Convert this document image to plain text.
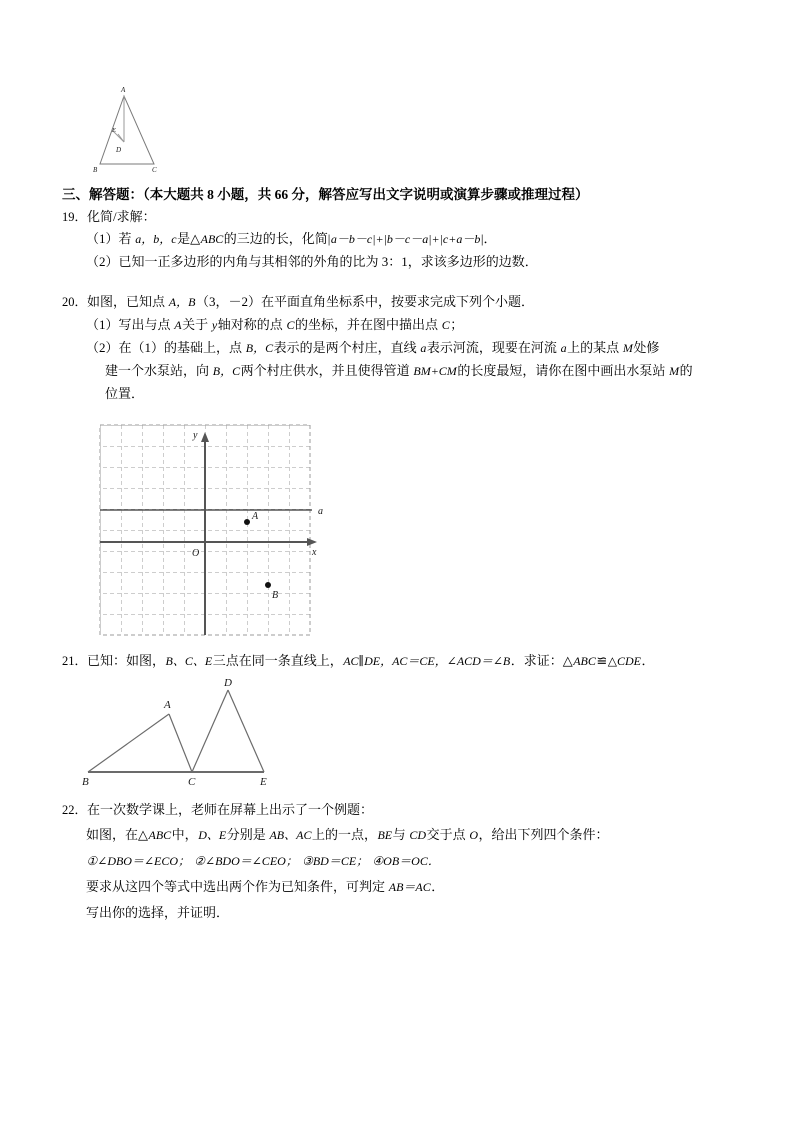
A
B	C
D
E
三、解答题：（本大题共 8 小题，共 66 分，解答应写出文字说明或演算步骤或推理过程）
19．化简/求解：
（1）若 a，b，c是△ABC的三边的长，化简|a－b－c|+|b－c－a|+|c+a－b|．
（2）已知一正多边形的内角与其相邻的外角的比为 3：1，求该多边形的边数．
20．如图，已知点 A，B（3，－2）在平面直角坐标系中，按要求完成下列个小题．
（1）写出与点 A关于 y轴对称的点 C的坐标，并在图中描出点 C；
（2）在（1）的基础上，点 B，C表示的是两个村庄，直线 a表示河流，现要在河流 a上的某点 M处修
建一个水泵站，向 B，C两个村庄供水，并且使得管道 BM+CM的长度最短，请你在图中画出水泵站 M的
位置．
y
x
O
a
A
B
21．已知：如图，B、C、E三点在同一条直线上，AC∥DE，AC＝CE，∠ACD＝∠B．求证：△ABC≌△CDE．
A
D
B	C	E
22．在一次数学课上，老师在屏幕上出示了一个例题：
如图，在△ABC中，D、E分别是 AB、AC上的一点，BE与 CD交于点 O，给出下列四个条件：
①∠DBO＝∠ECO； ②∠BDO＝∠CEO； ③BD＝CE； ④OB＝OC．
要求从这四个等式中选出两个作为已知条件，可判定 AB＝AC．
写出你的选择，并证明．
